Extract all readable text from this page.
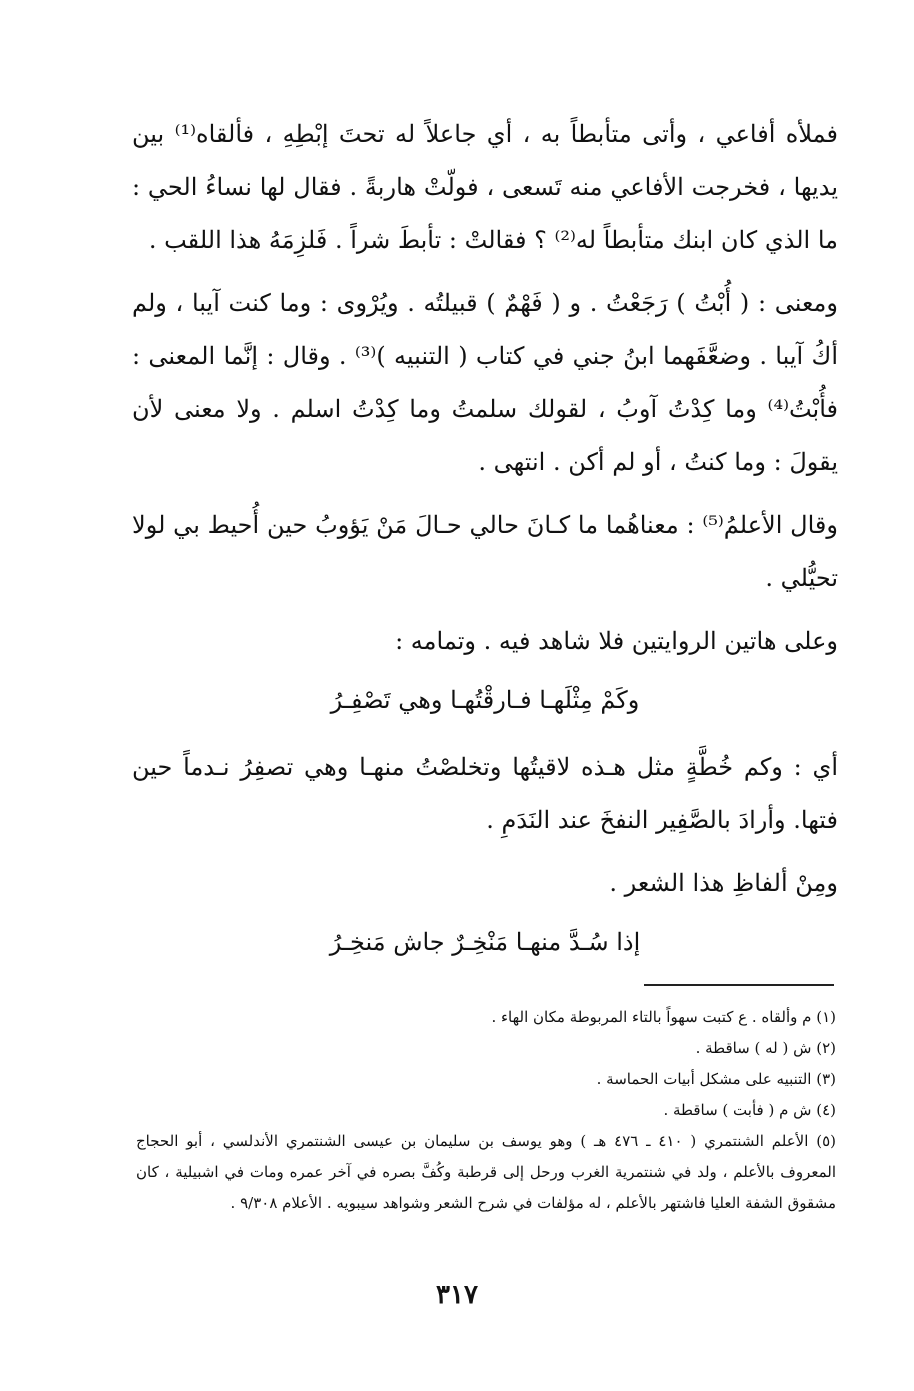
فملأه أفاعي ، وأتى متأبطاً به ، أي جاعلاً له تحتَ إبْطِهِ ، فألقاه⁽¹⁾ بين يديها ، فخرجت الأفاعي منه تَسعى ، فولّتْ هاربةً . فقال لها نساءُ الحي : ما الذي كان ابنك متأبطاً له⁽²⁾ ؟ فقالتْ : تأبطَ شراً . فَلزِمَهُ هذا اللقب .

ومعنى : ( أُبْتُ ) رَجَعْتُ . و ( فَهْمٌ ) قبيلتُه . ويُرْوى : وما كنت آيبا ، ولم أكُ آيبا . وضعَّفَهما ابنُ جني في كتاب ( التنبيه )⁽³⁾ . وقال : إنَّما المعنى : فأُبْتُ⁽⁴⁾ وما كِدْتُ آوبُ ، لقولك سلمتُ وما كِدْتُ اسلم . ولا معنى لأن يقولَ : وما كنتُ ، أو لم أكن . انتهى .

وقال الأعلمُ⁽⁵⁾ : معناهُما ما كـانَ حالي حـالَ مَنْ يَؤوبُ حين أُحيط بي لولا تحيُّلي .

وعلى هاتين الروايتين فلا شاهد فيه . وتمامه :

وكَمْ مِثْلَهـا فـارقْتُهـا وهي تَصْفِـرُ

أي : وكم خُطَّةٍ مثل هـذه لاقيتُها وتخلصْتُ منهـا وهي تصفِرُ نـدماً حين فتها. وأرادَ بالصَّفِير النفخَ عند النَدَمِ .

ومِنْ ألفاظِ هذا الشعر .

إذا سُـدَّ منهـا مَنْخِـرٌ جاش مَنخِـرُ

(١) م وألقاه . ع كتبت سهواً بالتاء المربوطة مكان الهاء .

(٢) ش ( له ) ساقطة .

(٣) التنبيه على مشكل أبيات الحماسة .

(٤) ش م ( فأبت ) ساقطة .

(٥) الأعلم الشنتمري ( ٤١٠ ـ ٤٧٦ هـ ) وهو يوسف بن سليمان بن عيسى الشنتمري الأندلسي ، أبو الحجاج المعروف بالأعلم ، ولد في شنتمرية الغرب ورحل إلى قرطبة وكُفَّ بصره في آخر عمره ومات في اشبيلية ، كان مشقوق الشفة العليا فاشتهر بالأعلم ، له مؤلفات في شرح الشعر وشواهد سيبويه . الأعلام ٩/٣٠٨ .

٣١٧
